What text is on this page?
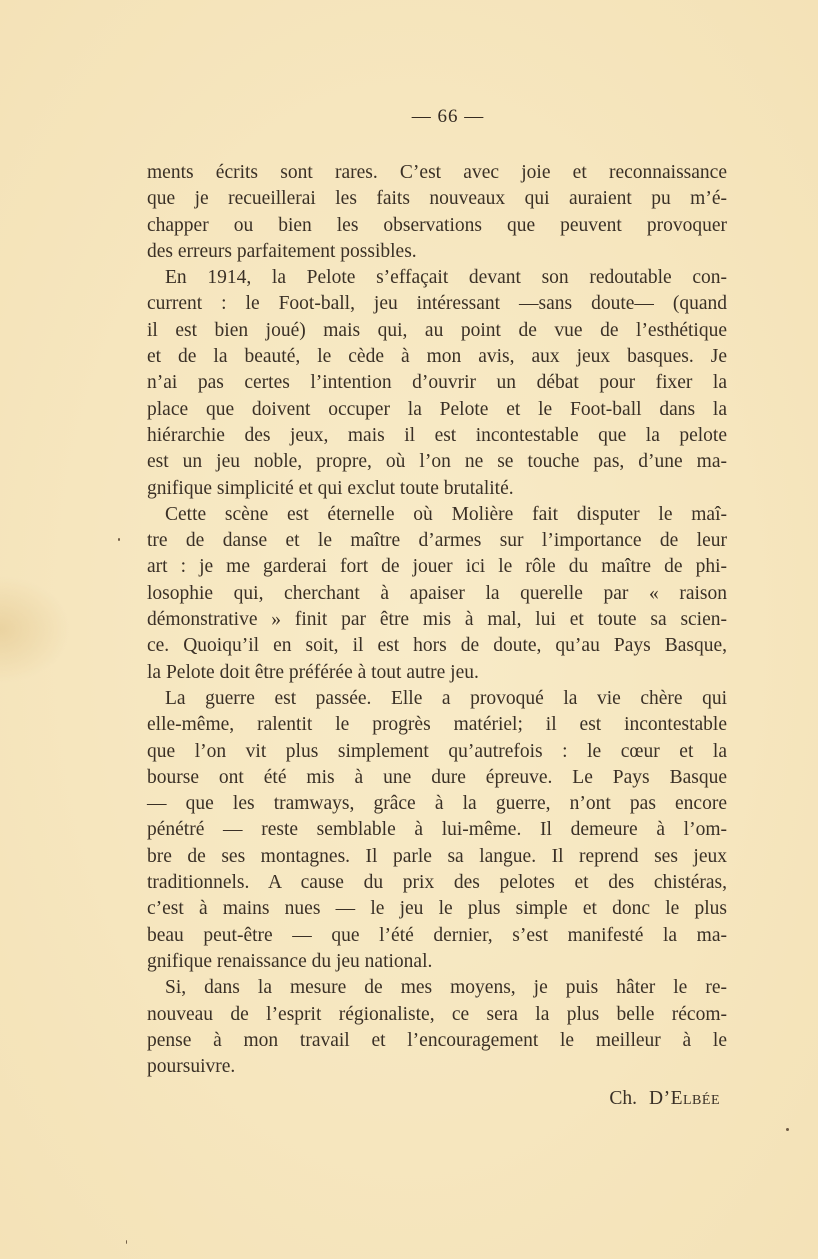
— 66 —
ments écrits sont rares. C’est avec joie et reconnaissance
que je recueillerai les faits nouveaux qui auraient pu m’é-
chapper ou bien les observations que peuvent provoquer
des erreurs parfaitement possibles.
En 1914, la Pelote s’effaçait devant son redoutable con-
current : le Foot-ball, jeu intéressant —sans doute— (quand
il est bien joué) mais qui, au point de vue de l’esthétique
et de la beauté, le cède à mon avis, aux jeux basques. Je
n’ai pas certes l’intention d’ouvrir un débat pour fixer la
place que doivent occuper la Pelote et le Foot-ball dans la
hiérarchie des jeux, mais il est incontestable que la pelote
est un jeu noble, propre, où l’on ne se touche pas, d’une ma-
gnifique simplicité et qui exclut toute brutalité.
Cette scène est éternelle où Molière fait disputer le maî-
tre de danse et le maître d’armes sur l’importance de leur
art : je me garderai fort de jouer ici le rôle du maître de phi-
losophie qui, cherchant à apaiser la querelle par « raison
démonstrative » finit par être mis à mal, lui et toute sa scien-
ce. Quoiqu’il en soit, il est hors de doute, qu’au Pays Basque,
la Pelote doit être préférée à tout autre jeu.
La guerre est passée. Elle a provoqué la vie chère qui
elle-même, ralentit le progrès matériel; il est incontestable
que l’on vit plus simplement qu’autrefois : le cœur et la
bourse ont été mis à une dure épreuve. Le Pays Basque
— que les tramways, grâce à la guerre, n’ont pas encore
pénétré — reste semblable à lui-même. Il demeure à l’om-
bre de ses montagnes. Il parle sa langue. Il reprend ses jeux
traditionnels. A cause du prix des pelotes et des chistéras,
c’est à mains nues — le jeu le plus simple et donc le plus
beau peut-être — que l’été dernier, s’est manifesté la ma-
gnifique renaissance du jeu national.
Si, dans la mesure de mes moyens, je puis hâter le re-
nouveau de l’esprit régionaliste, ce sera la plus belle récom-
pense à mon travail et l’encouragement le meilleur à le
poursuivre.
Ch. D’Elbée
